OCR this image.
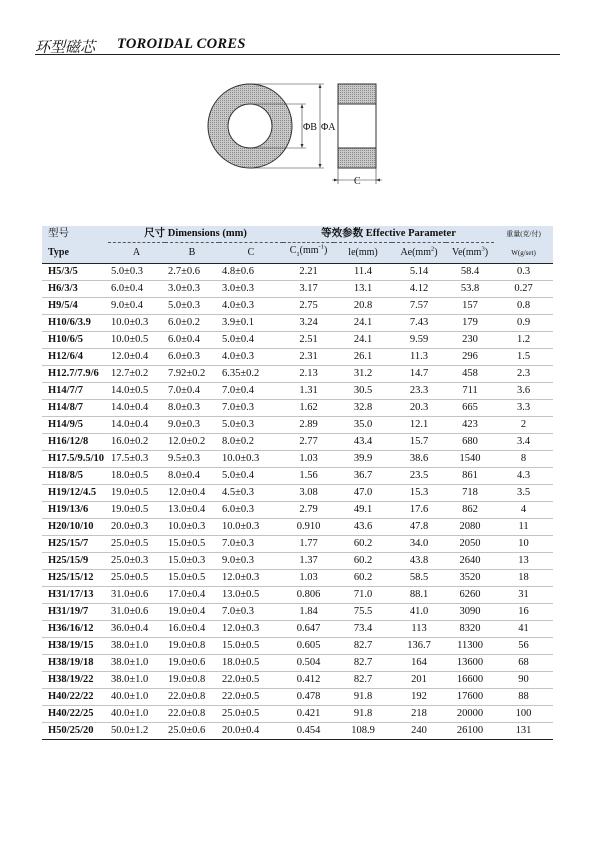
环型磁芯 TOROIDAL CORES
ΦB ΦA
C
型号	尺寸 Dimensions (mm)			等效参数 Effective Parameter				重量(克/付)
Type	A	B	C	$C_1(mm^{-1})$	le(mm)	$Ae(mm^2)$	$Ve(mm^3)$	W(g/set)
H5/3/5	5.0±0.3	2.7±0.6	4.8±0.6	2.21	11.4	5.14	58.4	0.3
H6/3/3	6.0±0.4	3.0±0.3	3.0±0.3	3.17	13.1	4.12	53.8	0.27
H9/5/4	9.0±0.4	5.0±0.3	4.0±0.3	2.75	20.8	7.57	157	0.8
H10/6/3.9	10.0±0.3	6.0±0.2	3.9±0.1	3.24	24.1	7.43	179	0.9
H10/6/5	10.0±0.5	6.0±0.4	5.0±0.4	2.51	24.1	9.59	230	1.2
H12/6/4	12.0±0.4	6.0±0.3	4.0±0.3	2.31	26.1	11.3	296	1.5
H12.7/7.9/6	12.7±0.2	7.92±0.2	6.35±0.2	2.13	31.2	14.7	458	2.3
H14/7/7	14.0±0.5	7.0±0.4	7.0±0.4	1.31	30.5	23.3	711	3.6
H14/8/7	14.0±0.4	8.0±0.3	7.0±0.3	1.62	32.8	20.3	665	3.3
H14/9/5	14.0±0.4	9.0±0.3	5.0±0.3	2.89	35.0	12.1	423	2
H16/12/8	16.0±0.2	12.0±0.2	8.0±0.2	2.77	43.4	15.7	680	3.4
H17.5/9.5/10	17.5±0.3	9.5±0.3	10.0±0.3	1.03	39.9	38.6	1540	8
H18/8/5	18.0±0.5	8.0±0.4	5.0±0.4	1.56	36.7	23.5	861	4.3
H19/12/4.5	19.0±0.5	12.0±0.4	4.5±0.3	3.08	47.0	15.3	718	3.5
H19/13/6	19.0±0.5	13.0±0.4	6.0±0.3	2.79	49.1	17.6	862	4
H20/10/10	20.0±0.3	10.0±0.3	10.0±0.3	0.910	43.6	47.8	2080	11
H25/15/7	25.0±0.5	15.0±0.5	7.0±0.3	1.77	60.2	34.0	2050	10
H25/15/9	25.0±0.3	15.0±0.3	9.0±0.3	1.37	60.2	43.8	2640	13
H25/15/12	25.0±0.5	15.0±0.5	12.0±0.3	1.03	60.2	58.5	3520	18
H31/17/13	31.0±0.6	17.0±0.4	13.0±0.5	0.806	71.0	88.1	6260	31
H31/19/7	31.0±0.6	19.0±0.4	7.0±0.3	1.84	75.5	41.0	3090	16
H36/16/12	36.0±0.4	16.0±0.4	12.0±0.3	0.647	73.4	113	8320	41
H38/19/15	38.0±1.0	19.0±0.8	15.0±0.5	0.605	82.7	136.7	11300	56
H38/19/18	38.0±1.0	19.0±0.6	18.0±0.5	0.504	82.7	164	13600	68
H38/19/22	38.0±1.0	19.0±0.8	22.0±0.5	0.412	82.7	201	16600	90
H40/22/22	40.0±1.0	22.0±0.8	22.0±0.5	0.478	91.8	192	17600	88
H40/22/25	40.0±1.0	22.0±0.8	25.0±0.5	0.421	91.8	218	20000	100
H50/25/20	50.0±1.2	25.0±0.6	20.0±0.4	0.454	108.9	240	26100	131
